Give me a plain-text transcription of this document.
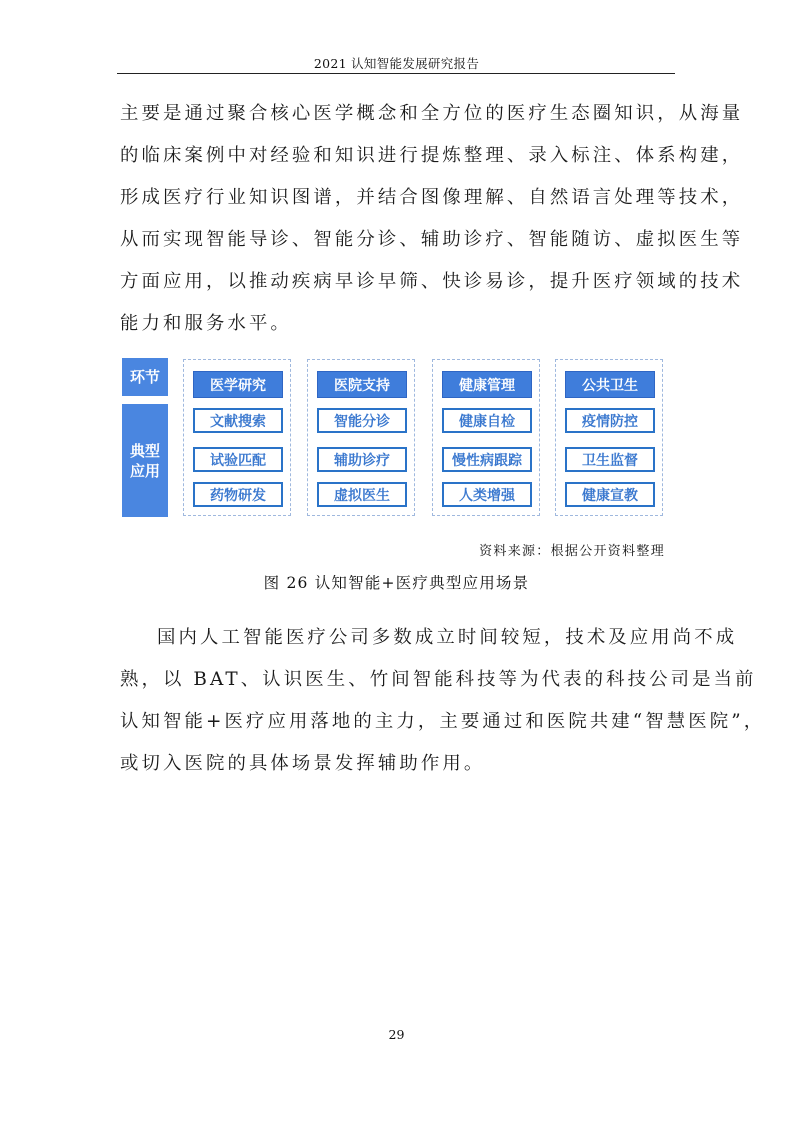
2021 认知智能发展研究报告
主要是通过聚合核心医学概念和全方位的医疗生态圈知识，从海量
的临床案例中对经验和知识进行提炼整理、录入标注、体系构建，
形成医疗行业知识图谱，并结合图像理解、自然语言处理等技术，
从而实现智能导诊、智能分诊、辅助诊疗、智能随访、虚拟医生等
方面应用，以推动疾病早诊早筛、快诊易诊，提升医疗领域的技术
能力和服务水平。
环节
典型应用
医学研究
文献搜索
试验匹配
药物研发
医院支持
智能分诊
辅助诊疗
虚拟医生
健康管理
健康自检
慢性病跟踪
人类增强
公共卫生
疫情防控
卫生监督
健康宣教
资料来源：根据公开资料整理
图 26 认知智能+医疗典型应用场景
国内人工智能医疗公司多数成立时间较短，技术及应用尚不成
熟，以 BAT、认识医生、竹间智能科技等为代表的科技公司是当前
认知智能+医疗应用落地的主力，主要通过和医院共建“智慧医院”，
或切入医院的具体场景发挥辅助作用。
29
